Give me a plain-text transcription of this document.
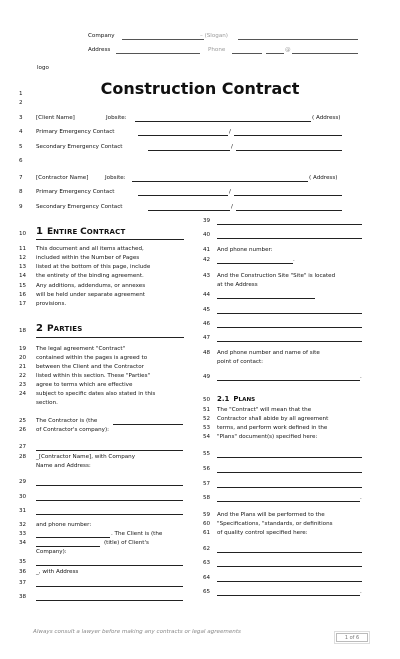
Company	– (Slogan)
Address	Phone	@
logo
Construction Contract
1
2
3
4
5
6
7
8
9
[Client Name]	Jobsite:	( Address)
Primary Emergency Contact	/
Secondary Emergency Contact	/
[Contractor Name]	Jobsite:	( Address)
Primary Emergency Contact	/
Secondary Emergency Contact	/
10 1 ENTIRE CONTRACT
11
12
13
14
15
16
17
This document and all items attached,
included within the Number of Pages
listed at the bottom of this page, include
the entirety of the binding agreement.
Any additions, addendums, or annexes
will be held under separate agreement
provisions.
18 2 PARTIES
19
20
21
22
23
24
The legal agreement "Contract"
contained within the pages is agreed to
between the Client and the Contractor
listed within this section. These "Parties"
agree to terms which are effective
subject to specific dates also stated in this
section.
25	The Contractor is (the
26	of Contractor's company):
27
28	_[Contractor Name], with Company
Name and Address:
29
30
31
32	and phone number:
33	. The Client is (the
34	(title) of Client's
Company):
35
36	_, with Address
37
38
39
40
41	And phone number:
42	.
43	And the Construction Site "Site" is located
at the Address
44
45
46
47
48	And phone number and name of site
point of contact:
49	.
50 2.1 PLANS
51
52
53
54
The "Contract" will mean that the
Contractor shall abide by all agreement
terms, and perform work defined in the
"Plans" document(s) specified here:
55
56
57
58	.
59
60
61
And the Plans will be performed to the
"Specifications, "standards, or definitions
of quality control specified here:
62
63
64
65	.
Always consult a lawyer before making any contracts or legal agreements
1 of 6
